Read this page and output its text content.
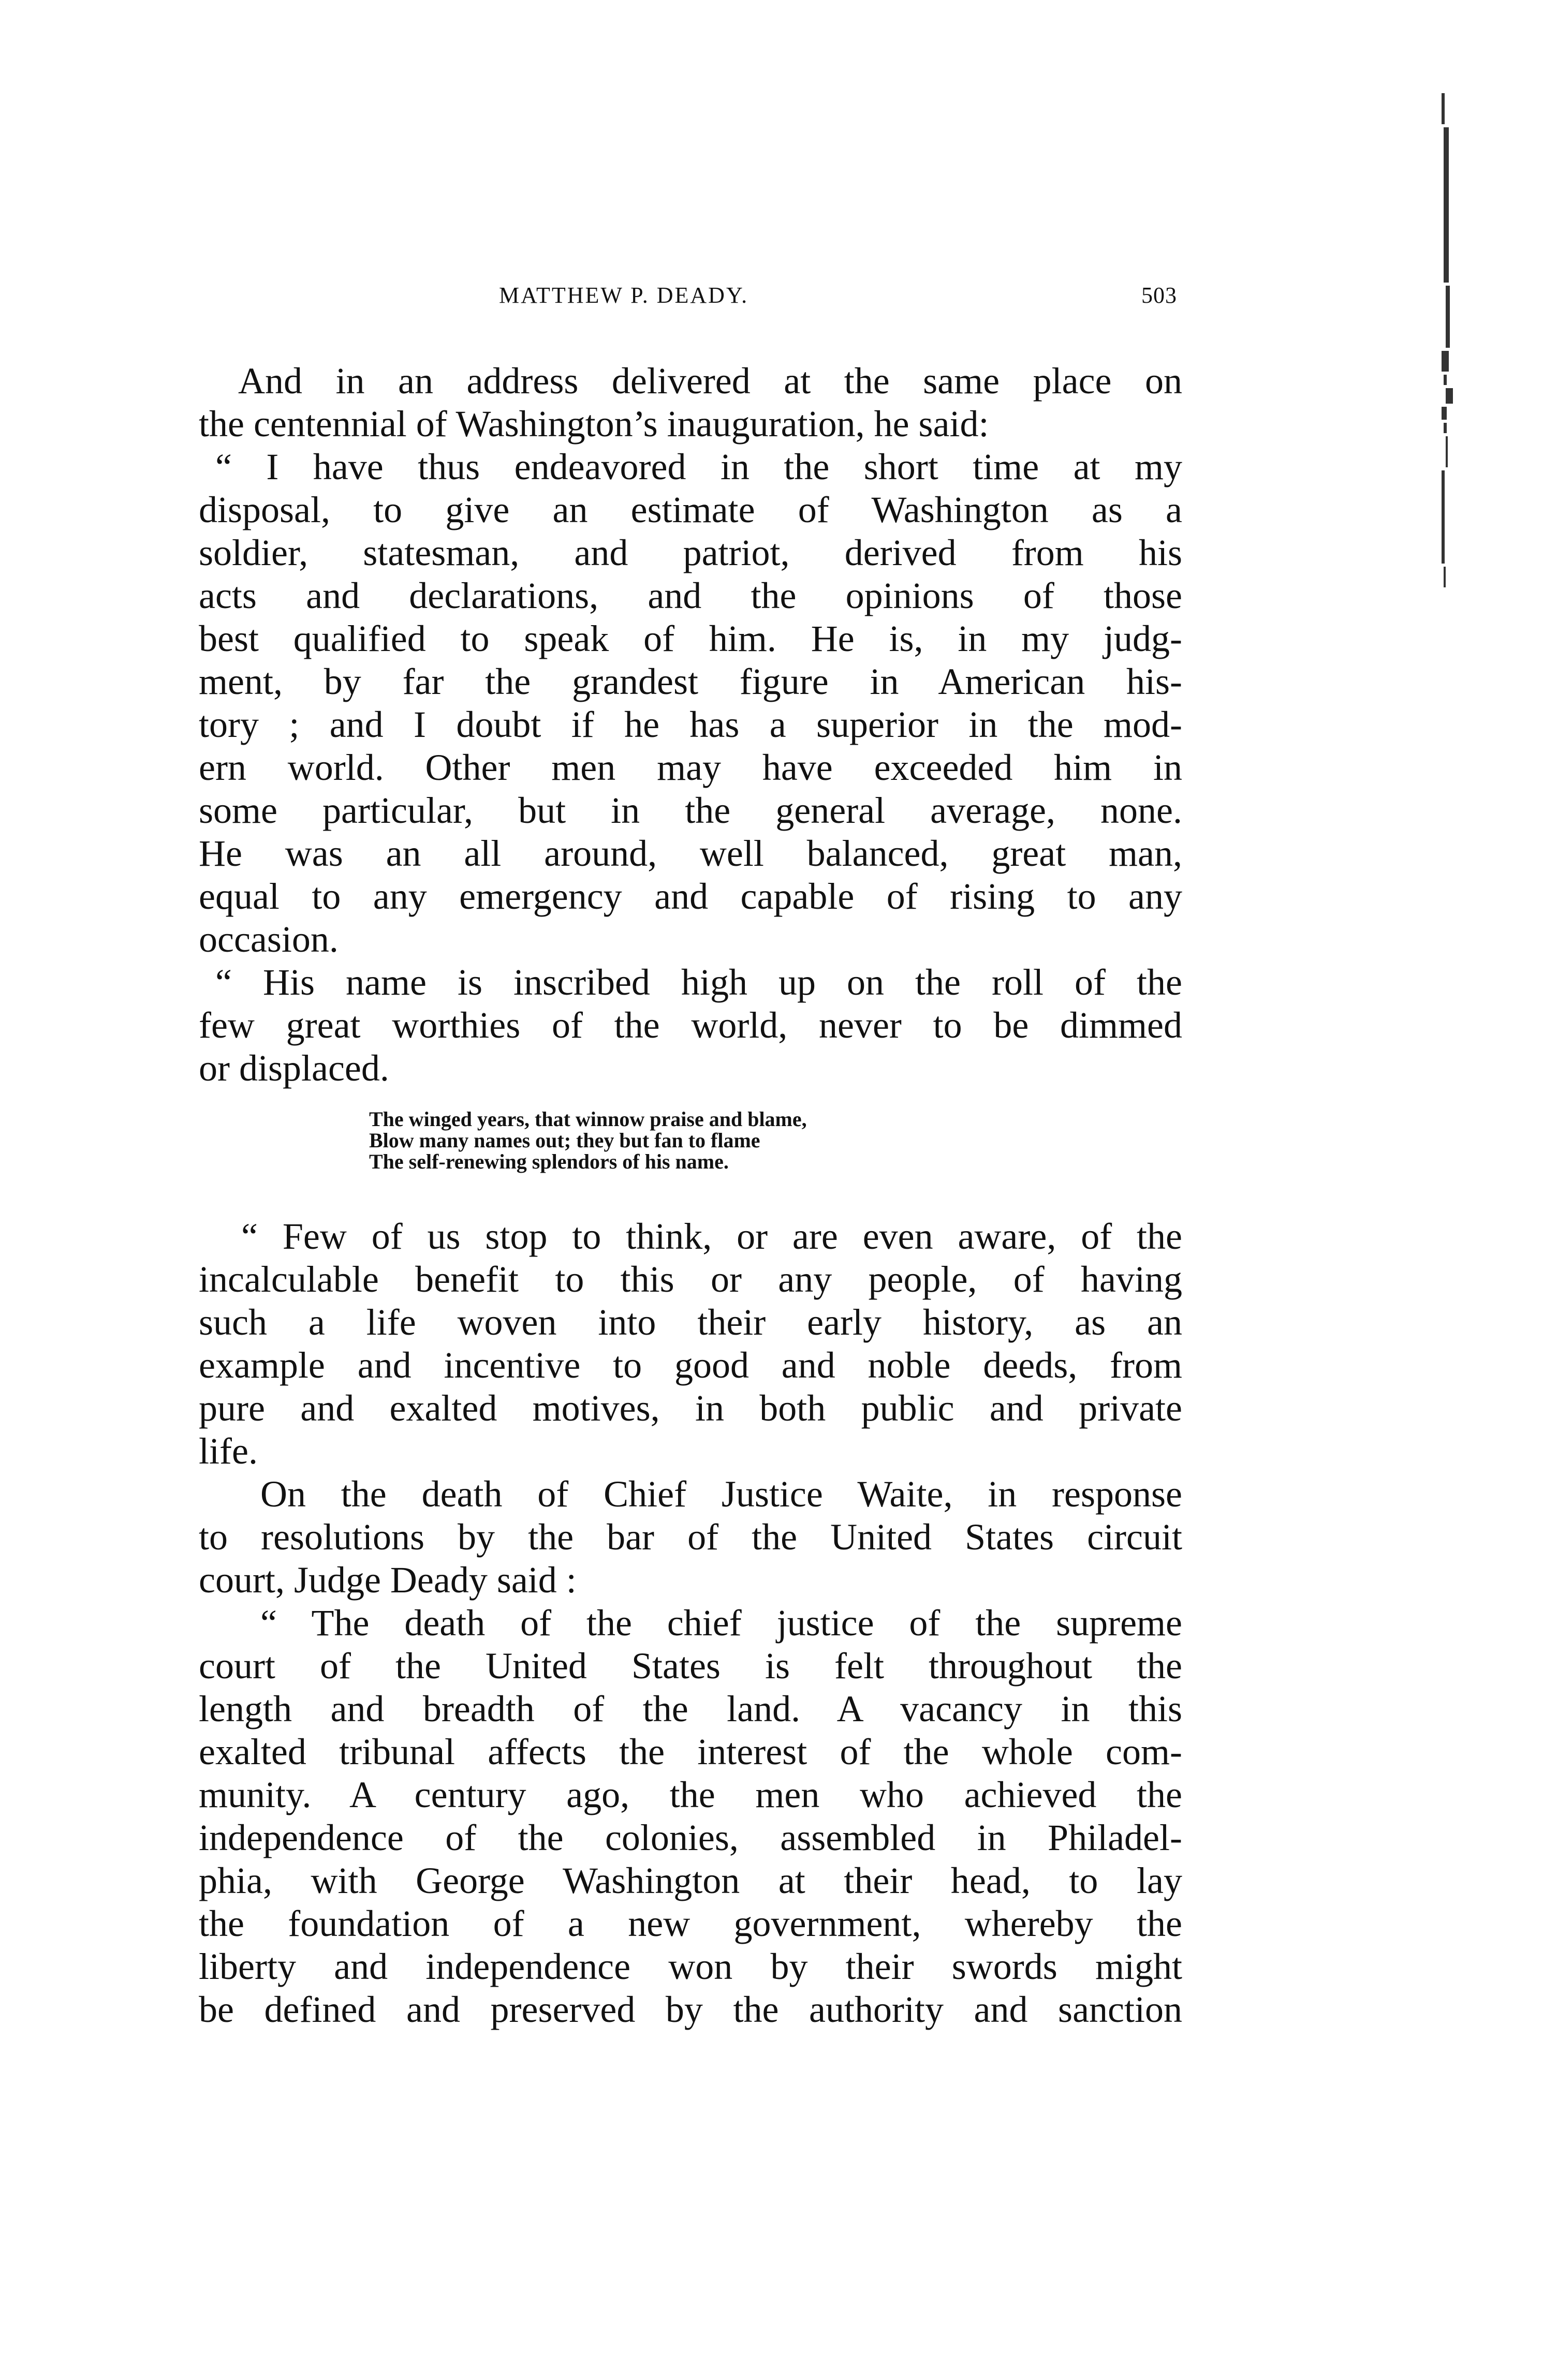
MATTHEW P. DEADY.	503
And in an address delivered at the same place on
the centennial of Washington’s inauguration, he said:
“ I have thus endeavored in the short time at my
disposal, to give an estimate of Washington as a
soldier, statesman, and patriot, derived from his
acts and declarations, and the opinions of those
best qualified to speak of him. He is, in my judg-
ment, by far the grandest figure in American his-
tory ; and I doubt if he has a superior in the mod-
ern world. Other men may have exceeded him in
some particular, but in the general average, none.
He was an all around, well balanced, great man,
equal to any emergency and capable of rising to any
occasion.
“ His name is inscribed high up on the roll of the
few great worthies of the world, never to be dimmed
or displaced.
The winged years, that winnow praise and blame,
Blow many names out; they but fan to flame
The self-renewing splendors of his name.
“ Few of us stop to think, or are even aware, of the
incalculable benefit to this or any people, of having
such a life woven into their early history, as an
example and incentive to good and noble deeds, from
pure and exalted motives, in both public and private
life.
On the death of Chief Justice Waite, in response
to resolutions by the bar of the United States circuit
court, Judge Deady said :
“ The death of the chief justice of the supreme
court of the United States is felt throughout the
length and breadth of the land. A vacancy in this
exalted tribunal affects the interest of the whole com-
munity. A century ago, the men who achieved the
independence of the colonies, assembled in Philadel-
phia, with George Washington at their head, to lay
the foundation of a new government, whereby the
liberty and independence won by their swords might
be defined and preserved by the authority and sanction
